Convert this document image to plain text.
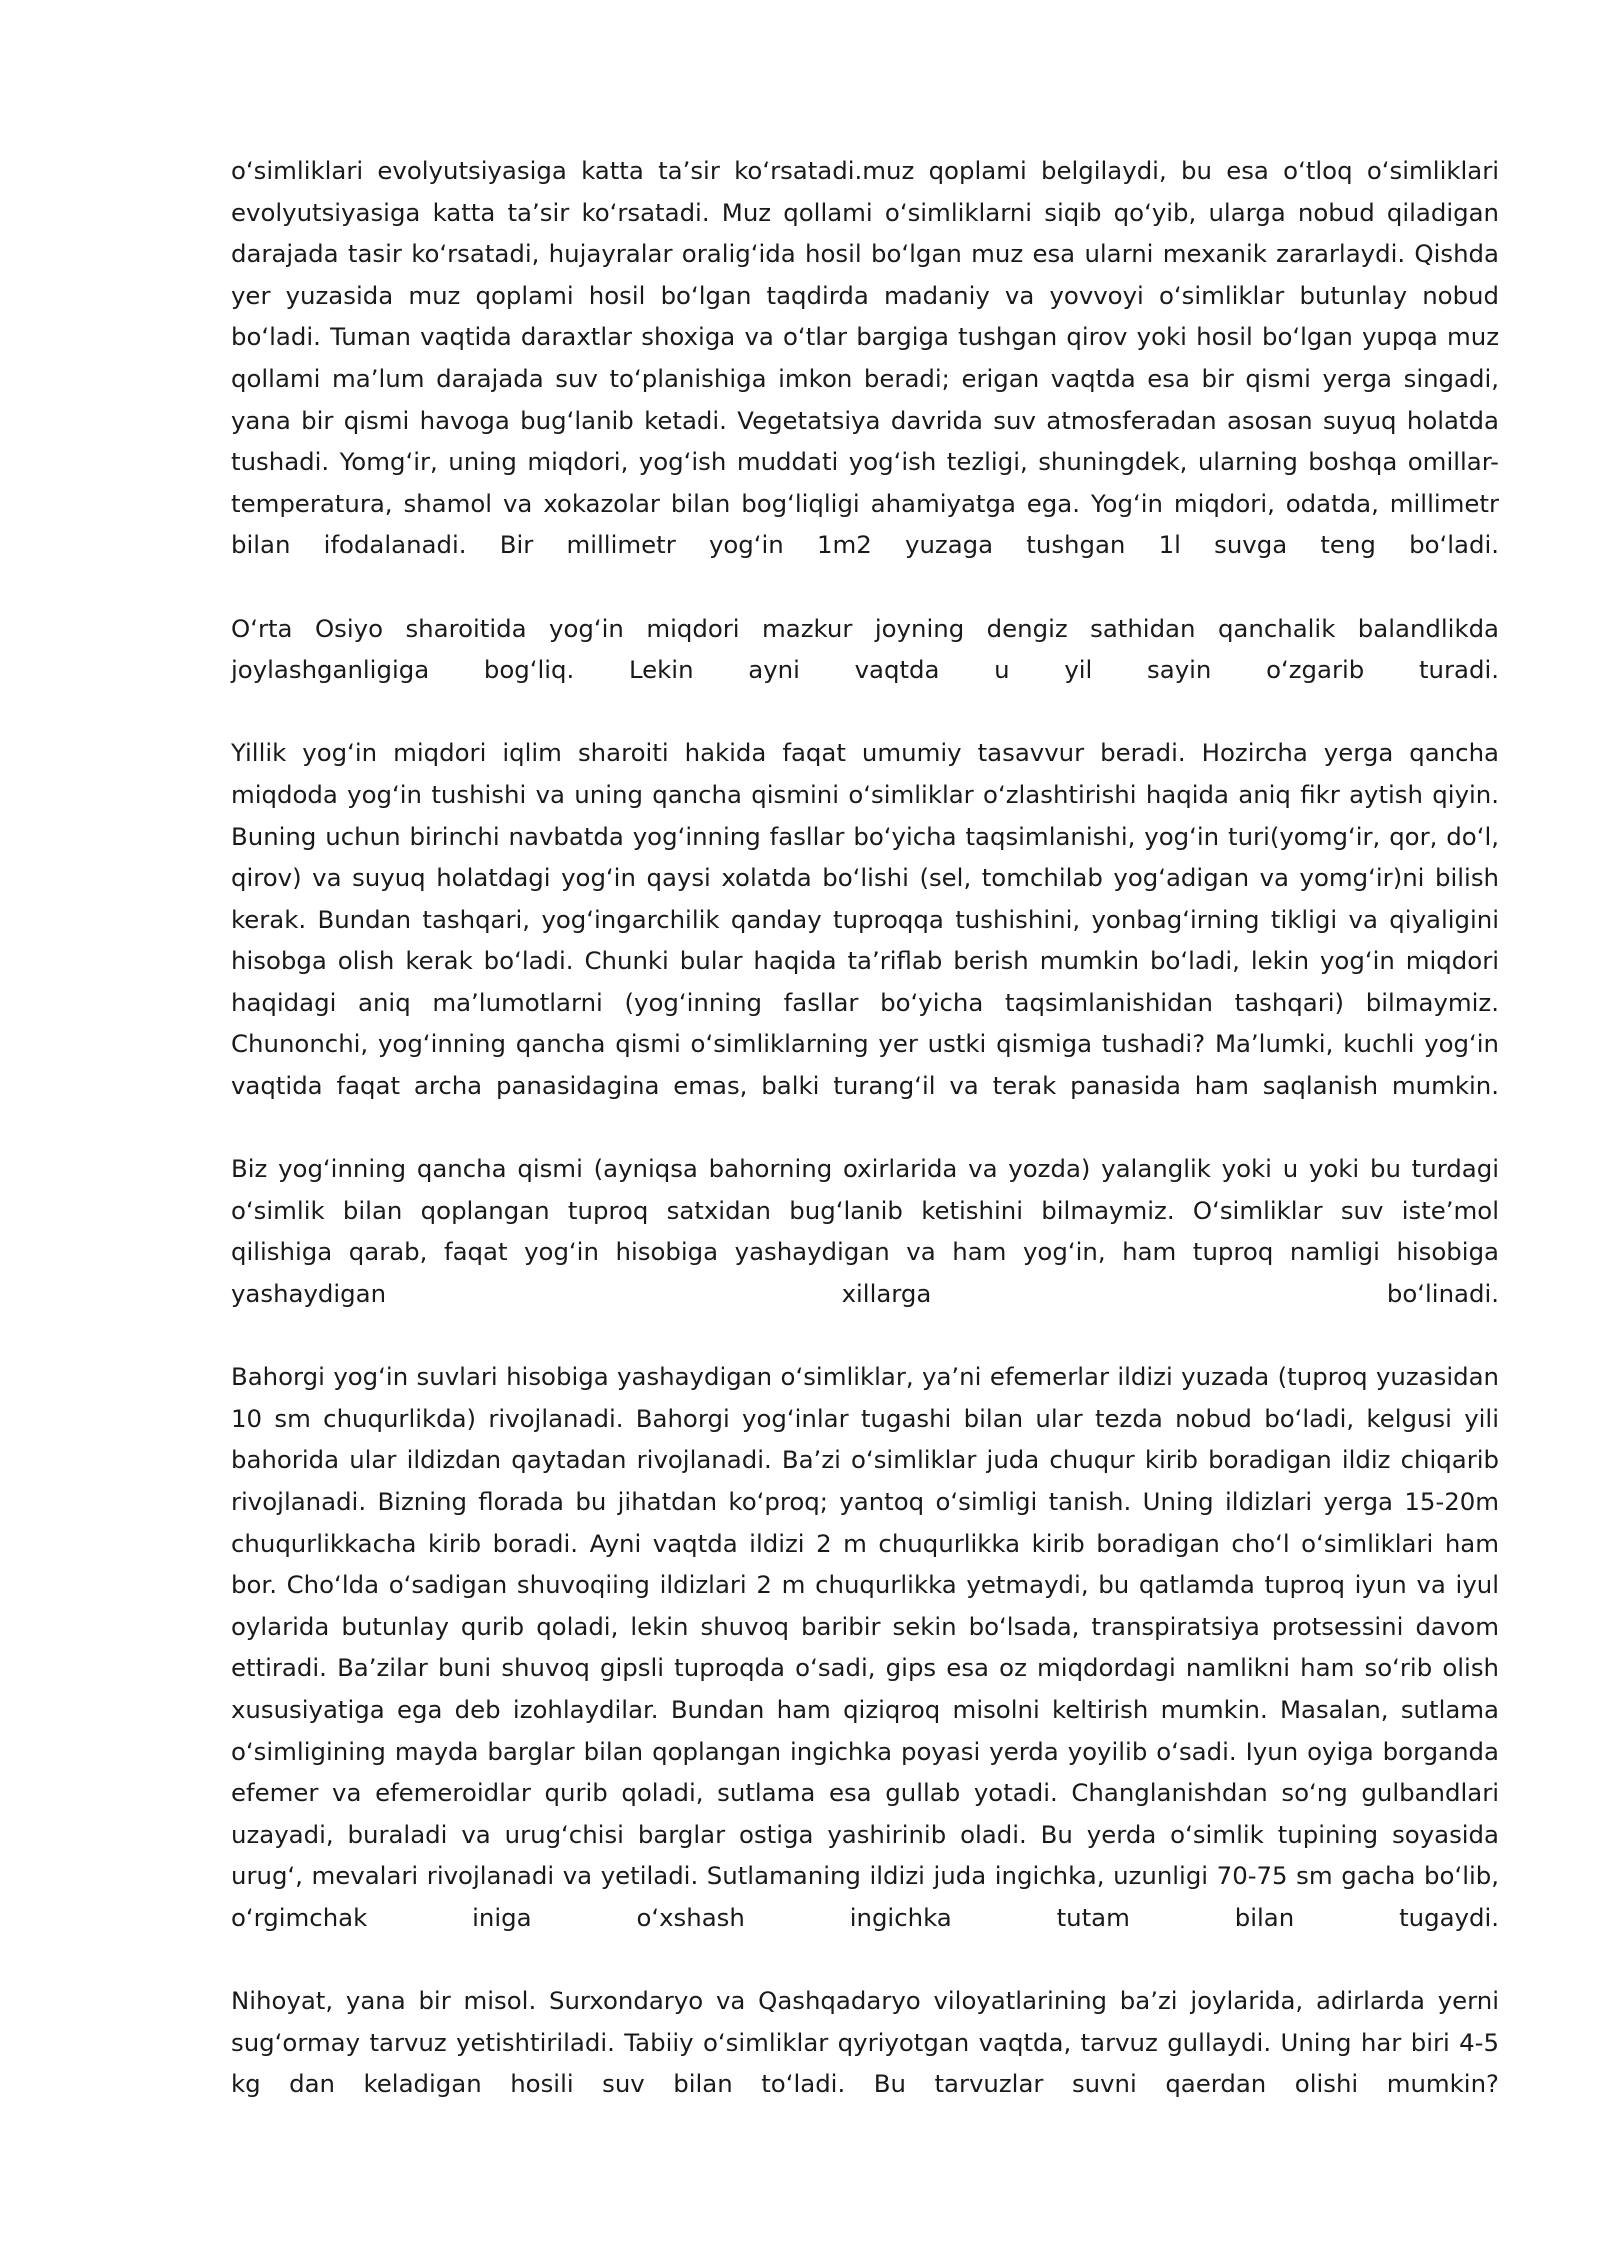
o‘simliklari evolyutsiyasiga katta ta’sir ko‘rsatadi.muz qoplami belgilaydi, bu esa o‘tloq o‘simliklari evolyutsiyasiga katta ta’sir ko‘rsatadi. Muz qollami o‘simliklarni siqib qo‘yib, ularga nobud qiladigan darajada tasir ko‘rsatadi, hujayralar oralig‘ida hosil bo‘lgan muz esa ularni mexanik zararlaydi. Qishda yer yuzasida muz qoplami hosil bo‘lgan taqdirda madaniy va yovvoyi o‘simliklar butunlay nobud bo‘ladi. Tuman vaqtida daraxtlar shoxiga va o‘tlar bargiga tushgan qirov yoki hosil bo‘lgan yupqa muz qollami ma’lum darajada suv to‘planishiga imkon beradi; erigan vaqtda esa bir qismi yerga singadi, yana bir qismi havoga bug‘lanib ketadi. Vegetatsiya davrida suv atmosferadan asosan suyuq holatda tushadi. Yomg‘ir, uning miqdori, yog‘ish muddati yog‘ish tezligi, shuningdek, ularning boshqa omillar-temperatura, shamol va xokazolar bilan bog‘liqligi ahamiyatga ega. Yog‘in miqdori, odatda, millimetr bilan ifodalanadi. Bir millimetr yog‘in 1m2 yuzaga tushgan 1l suvga teng bo‘ladi.

O‘rta Osiyo sharoitida yog‘in miqdori mazkur joyning dengiz sathidan qanchalik balandlikda joylashganligiga bog‘liq. Lekin ayni vaqtda u yil sayin o‘zgarib turadi.

Yillik yog‘in miqdori iqlim sharoiti hakida faqat umumiy tasavvur beradi. Hozircha yerga qancha miqdoda yog‘in tushishi va uning qancha qismini o‘simliklar o‘zlashtirishi haqida aniq fikr aytish qiyin. Buning uchun birinchi navbatda yog‘inning fasllar bo‘yicha taqsimlanishi, yog‘in turi(yomg‘ir, qor, do‘l, qirov) va suyuq holatdagi yog‘in qaysi xolatda bo‘lishi (sel, tomchilab yog‘adigan va yomg‘ir)ni bilish kerak. Bundan tashqari, yog‘ingarchilik qanday tuproqqa tushishini, yonbag‘irning tikligi va qiyaligini hisobga olish kerak bo‘ladi. Chunki bular haqida ta’riflab berish mumkin bo‘ladi, lekin yog‘in miqdori haqidagi aniq ma’lumotlarni (yog‘inning fasllar bo‘yicha taqsimlanishidan tashqari) bilmaymiz. Chunonchi, yog‘inning qancha qismi o‘simliklarning yer ustki qismiga tushadi? Ma’lumki, kuchli yog‘in vaqtida faqat archa panasidagina emas, balki turang‘il va terak panasida ham saqlanish mumkin.

Biz yog‘inning qancha qismi (ayniqsa bahorning oxirlarida va yozda) yalanglik yoki u yoki bu turdagi o‘simlik bilan qoplangan tuproq satxidan bug‘lanib ketishini bilmaymiz. O‘simliklar suv iste’mol qilishiga qarab, faqat yog‘in hisobiga yashaydigan va ham yog‘in, ham tuproq namligi hisobiga yashaydigan xillarga bo‘linadi.

Bahorgi yog‘in suvlari hisobiga yashaydigan o‘simliklar, ya’ni efemerlar ildizi yuzada (tuproq yuzasidan 10 sm chuqurlikda) rivojlanadi. Bahorgi yog‘inlar tugashi bilan ular tezda nobud bo‘ladi, kelgusi yili bahorida ular ildizdan qaytadan rivojlanadi. Ba’zi o‘simliklar juda chuqur kirib boradigan ildiz chiqarib rivojlanadi. Bizning florada bu jihatdan ko‘proq; yantoq o‘simligi tanish. Uning ildizlari yerga 15-20m chuqurlikkacha kirib boradi. Ayni vaqtda ildizi 2 m chuqurlikka kirib boradigan cho‘l o‘simliklari ham bor. Cho‘lda o‘sadigan shuvoqiing ildizlari 2 m chuqurlikka yetmaydi, bu qatlamda tuproq iyun va iyul oylarida butunlay qurib qoladi, lekin shuvoq baribir sekin bo‘lsada, transpiratsiya protsessini davom ettiradi. Ba’zilar buni shuvoq gipsli tuproqda o‘sadi, gips esa oz miqdordagi namlikni ham so‘rib olish xususiyatiga ega deb izohlaydilar. Bundan ham qiziqroq misolni keltirish mumkin. Masalan, sutlama o‘simligining mayda barglar bilan qoplangan ingichka poyasi yerda yoyilib o‘sadi. Iyun oyiga borganda efemer va efemeroidlar qurib qoladi, sutlama esa gullab yotadi. Changlanishdan so‘ng gulbandlari uzayadi, buraladi va urug‘chisi barglar ostiga yashirinib oladi. Bu yerda o‘simlik tupining soyasida urug‘, mevalari rivojlanadi va yetiladi. Sutlamaning ildizi juda ingichka, uzunligi 70-75 sm gacha bo‘lib, o‘rgimchak iniga o‘xshash ingichka tutam bilan tugaydi.

Nihoyat, yana bir misol. Surxondaryo va Qashqadaryo viloyatlarining ba’zi joylarida, adirlarda yerni sug‘ormay tarvuz yetishtiriladi. Tabiiy o‘simliklar qyriyotgan vaqtda, tarvuz gullaydi. Uning har biri 4-5 kg dan keladigan hosili suv bilan to‘ladi. Bu tarvuzlar suvni qaerdan olishi mumkin?
